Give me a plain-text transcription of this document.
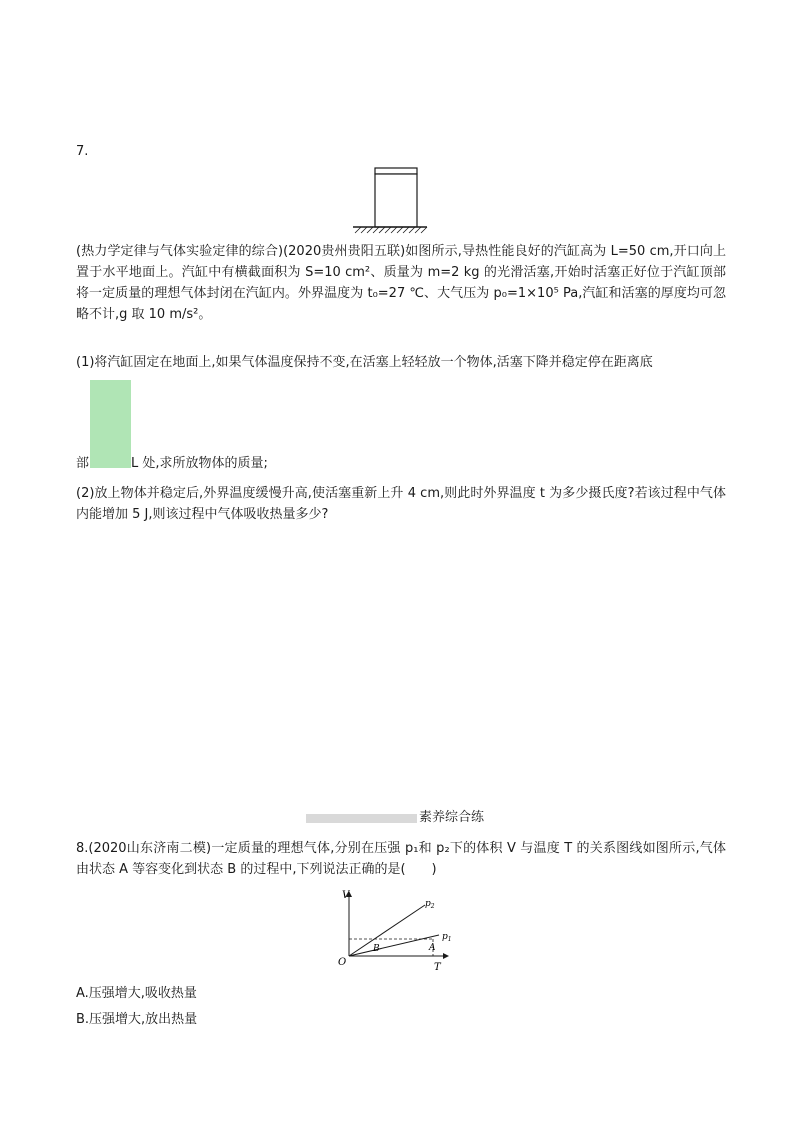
7.
(热力学定律与气体实验定律的综合)(2020贵州贵阳五联)如图所示,导热性能良好的汽缸高为 L=50 cm,开口向上置于水平地面上。汽缸中有横截面积为 S=10 cm²、质量为 m=2 kg 的光滑活塞,开始时活塞正好位于汽缸顶部将一定质量的理想气体封闭在汽缸内。外界温度为 t₀=27 ℃、大气压为 p₀=1×10⁵ Pa,汽缸和活塞的厚度均可忽略不计,g 取 10 m/s²。
(1)将汽缸固定在地面上,如果气体温度保持不变,在活塞上轻轻放一个物体,活塞下降并稳定停在距离底
部	L 处,求所放物体的质量;
(2)放上物体并稳定后,外界温度缓慢升高,使活塞重新上升 4 cm,则此时外界温度 t 为多少摄氏度?若该过程中气体内能增加 5 J,则该过程中气体吸收热量多少?
素养综合练
8.(2020山东济南二模)一定质量的理想气体,分别在压强 p₁和 p₂下的体积 V 与温度 T 的关系图线如图所示,气体由状态 A 等容变化到状态 B 的过程中,下列说法正确的是(　　)
V
T
O
$p_2$
$p_1$
B	A
A.压强增大,吸收热量
B.压强增大,放出热量
